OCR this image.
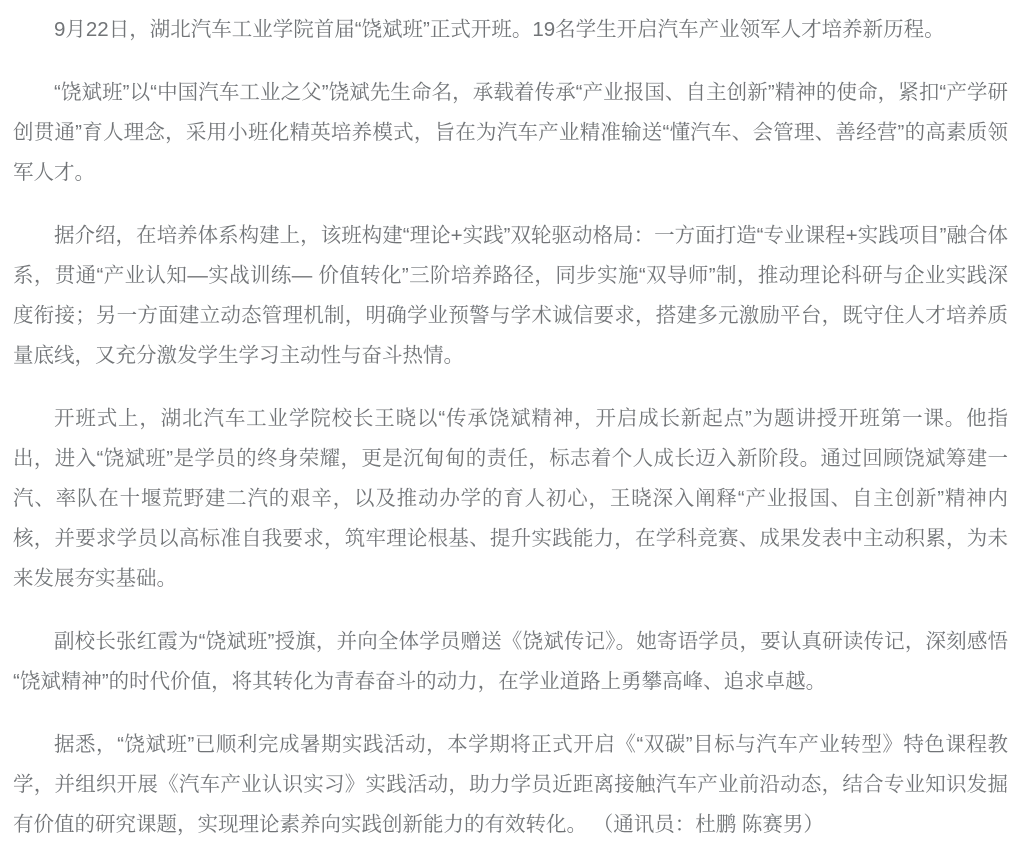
9月22日，湖北汽车工业学院首届“饶斌班”正式开班。19名学生开启汽车产业领军人才培养新历程。

“饶斌班”以“中国汽车工业之父”饶斌先生命名，承载着传承“产业报国、自主创新”精神的使命，紧扣“产学研创贯通”育人理念，采用小班化精英培养模式，旨在为汽车产业精准输送“懂汽车、会管理、善经营”的高素质领军人才。

据介绍，在培养体系构建上，该班构建“理论+实践”双轮驱动格局：一方面打造“专业课程+实践项目”融合体系，贯通“产业认知—实战训练— 价值转化”三阶培养路径，同步实施“双导师”制，推动理论科研与企业实践深度衔接；另一方面建立动态管理机制，明确学业预警与学术诚信要求，搭建多元激励平台，既守住人才培养质量底线，又充分激发学生学习主动性与奋斗热情。

开班式上，湖北汽车工业学院校长王晓以“传承饶斌精神，开启成长新起点”为题讲授开班第一课。他指出，进入“饶斌班”是学员的终身荣耀，更是沉甸甸的责任，标志着个人成长迈入新阶段。通过回顾饶斌筹建一汽、率队在十堰荒野建二汽的艰辛，以及推动办学的育人初心，王晓深入阐释“产业报国、自主创新”精神内核，并要求学员以高标准自我要求，筑牢理论根基、提升实践能力，在学科竞赛、成果发表中主动积累，为未来发展夯实基础。

副校长张红霞为“饶斌班”授旗，并向全体学员赠送《饶斌传记》。她寄语学员，要认真研读传记，深刻感悟“饶斌精神”的时代价值，将其转化为青春奋斗的动力，在学业道路上勇攀高峰、追求卓越。

据悉，“饶斌班”已顺利完成暑期实践活动，本学期将正式开启《“双碳”目标与汽车产业转型》特色课程教学，并组织开展《汽车产业认识实习》实践活动，助力学员近距离接触汽车产业前沿动态，结合专业知识发掘有价值的研究课题，实现理论素养向实践创新能力的有效转化。 （通讯员：杜鹏 陈赛男）
